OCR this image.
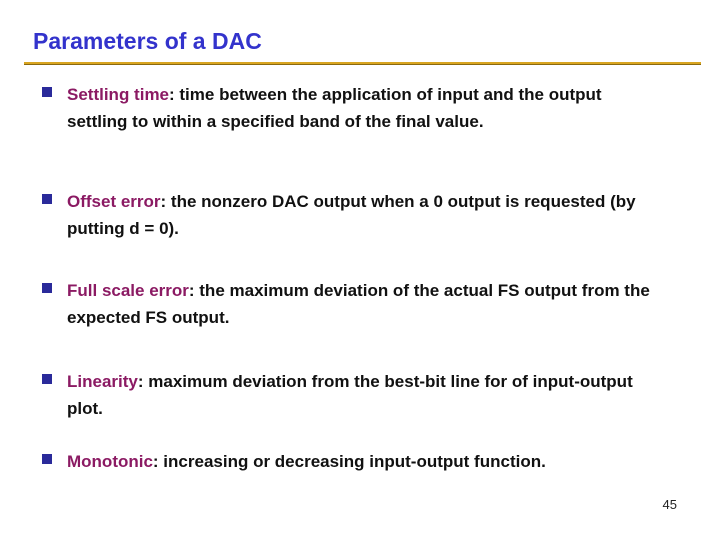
Parameters of a DAC
Settling time: time between the application of input and the output settling to within a specified band of the final value.
Offset error: the nonzero DAC output when a 0 output is requested (by putting d = 0).
Full scale error: the maximum deviation of the actual FS output from the expected FS output.
Linearity: maximum deviation from the best-bit line for of input-output plot.
Monotonic: increasing or decreasing input-output function.
45
